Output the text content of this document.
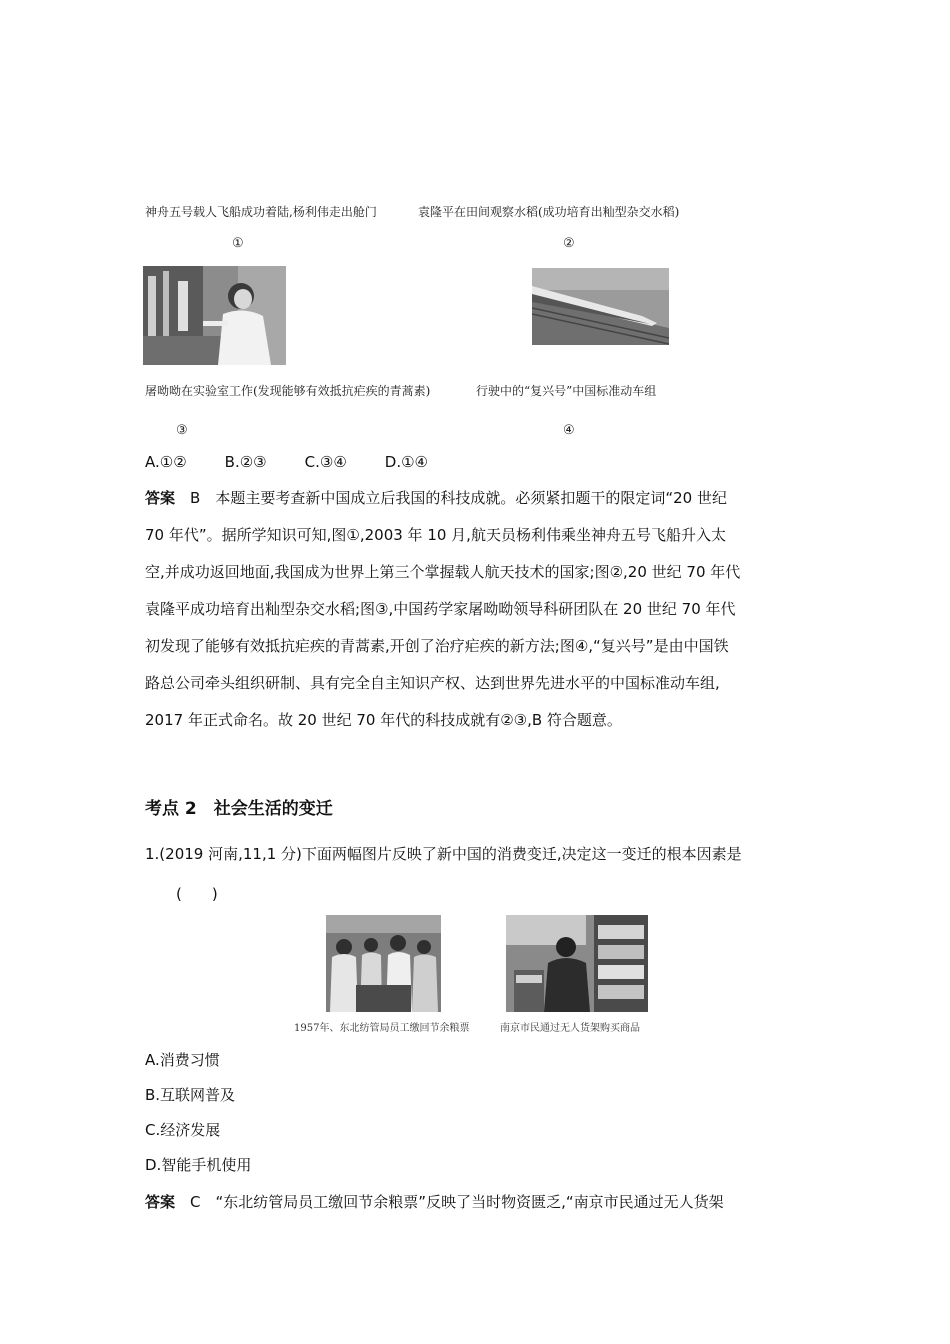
神舟五号载人飞船成功着陆,杨利伟走出舱门	袁隆平在田间观察水稻(成功培育出籼型杂交水稻)
①	②
屠呦呦在实验室工作(发现能够有效抵抗疟疾的青蒿素)	行驶中的“复兴号”中国标准动车组
③	④
A.①②	B.②③	C.③④	D.①④
答案　 B　 本题主要考查新中国成立后我国的科技成就。必须紧扣题干的限定词“20 世纪
70 年代”。据所学知识可知,图①,2003 年 10 月,航天员杨利伟乘坐神舟五号飞船升入太
空,并成功返回地面,我国成为世界上第三个掌握载人航天技术的国家;图②,20 世纪 70 年代
袁隆平成功培育出籼型杂交水稻;图③,中国药学家屠呦呦领导科研团队在 20 世纪 70 年代
初发现了能够有效抵抗疟疾的青蒿素,开创了治疗疟疾的新方法;图④,“复兴号”是由中国铁
路总公司牵头组织研制、具有完全自主知识产权、达到世界先进水平的中国标准动车组,
2017 年正式命名。故 20 世纪 70 年代的科技成就有②③,B 符合题意。
考点 2　社会生活的变迁
1.(2019 河南,11,1 分)下面两幅图片反映了新中国的消费变迁,决定这一变迁的根本因素是
(　　)
1957年、东北纺管局员工缴回节余粮票	南京市民通过无人货架购买商品
A.消费习惯
B.互联网普及
C.经济发展
D.智能手机使用
答案　 C　 “东北纺管局员工缴回节余粮票”反映了当时物资匮乏,“南京市民通过无人货架
